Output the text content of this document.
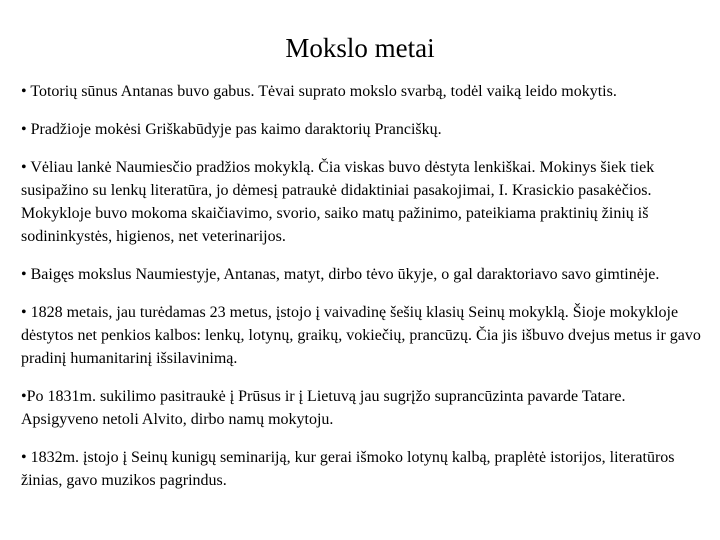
Mokslo metai
• Totorių sūnus Antanas buvo gabus. Tėvai suprato mokslo svarbą, todėl vaiką leido mokytis.
• Pradžioje mokėsi Griškabūdyje pas kaimo daraktorių Pranciškų.
• Vėliau lankė Naumiesčio pradžios mokyklą. Čia viskas buvo dėstyta lenkiškai. Mokinys šiek tiek susipažino su lenkų literatūra, jo dėmesį patraukė didaktiniai pasakojimai, I. Krasickio pasakėčios. Mokykloje buvo mokoma skaičiavimo, svorio, saiko matų pažinimo, pateikiama praktinių žinių iš sodininkystės, higienos, net veterinarijos.
• Baigęs mokslus Naumiestyje, Antanas, matyt, dirbo tėvo ūkyje, o gal daraktoriavo savo gimtinėje.
• 1828 metais, jau turėdamas 23 metus, įstojo į vaivadinę šešių klasių Seinų mokyklą. Šioje mokykloje dėstytos net penkios kalbos: lenkų, lotynų, graikų, vokiečių, prancūzų. Čia jis išbuvo dvejus metus ir gavo pradinį humanitarinį išsilavinimą.
•Po 1831m. sukilimo pasitraukė į Prūsus ir į Lietuvą jau sugrįžo suprancūzinta pavarde Tatare. Apsigyveno netoli Alvito, dirbo namų mokytoju.
• 1832m. įstojo į Seinų kunigų seminariją, kur gerai išmoko lotynų kalbą, praplėtė istorijos, literatūros žinias, gavo muzikos pagrindus.
